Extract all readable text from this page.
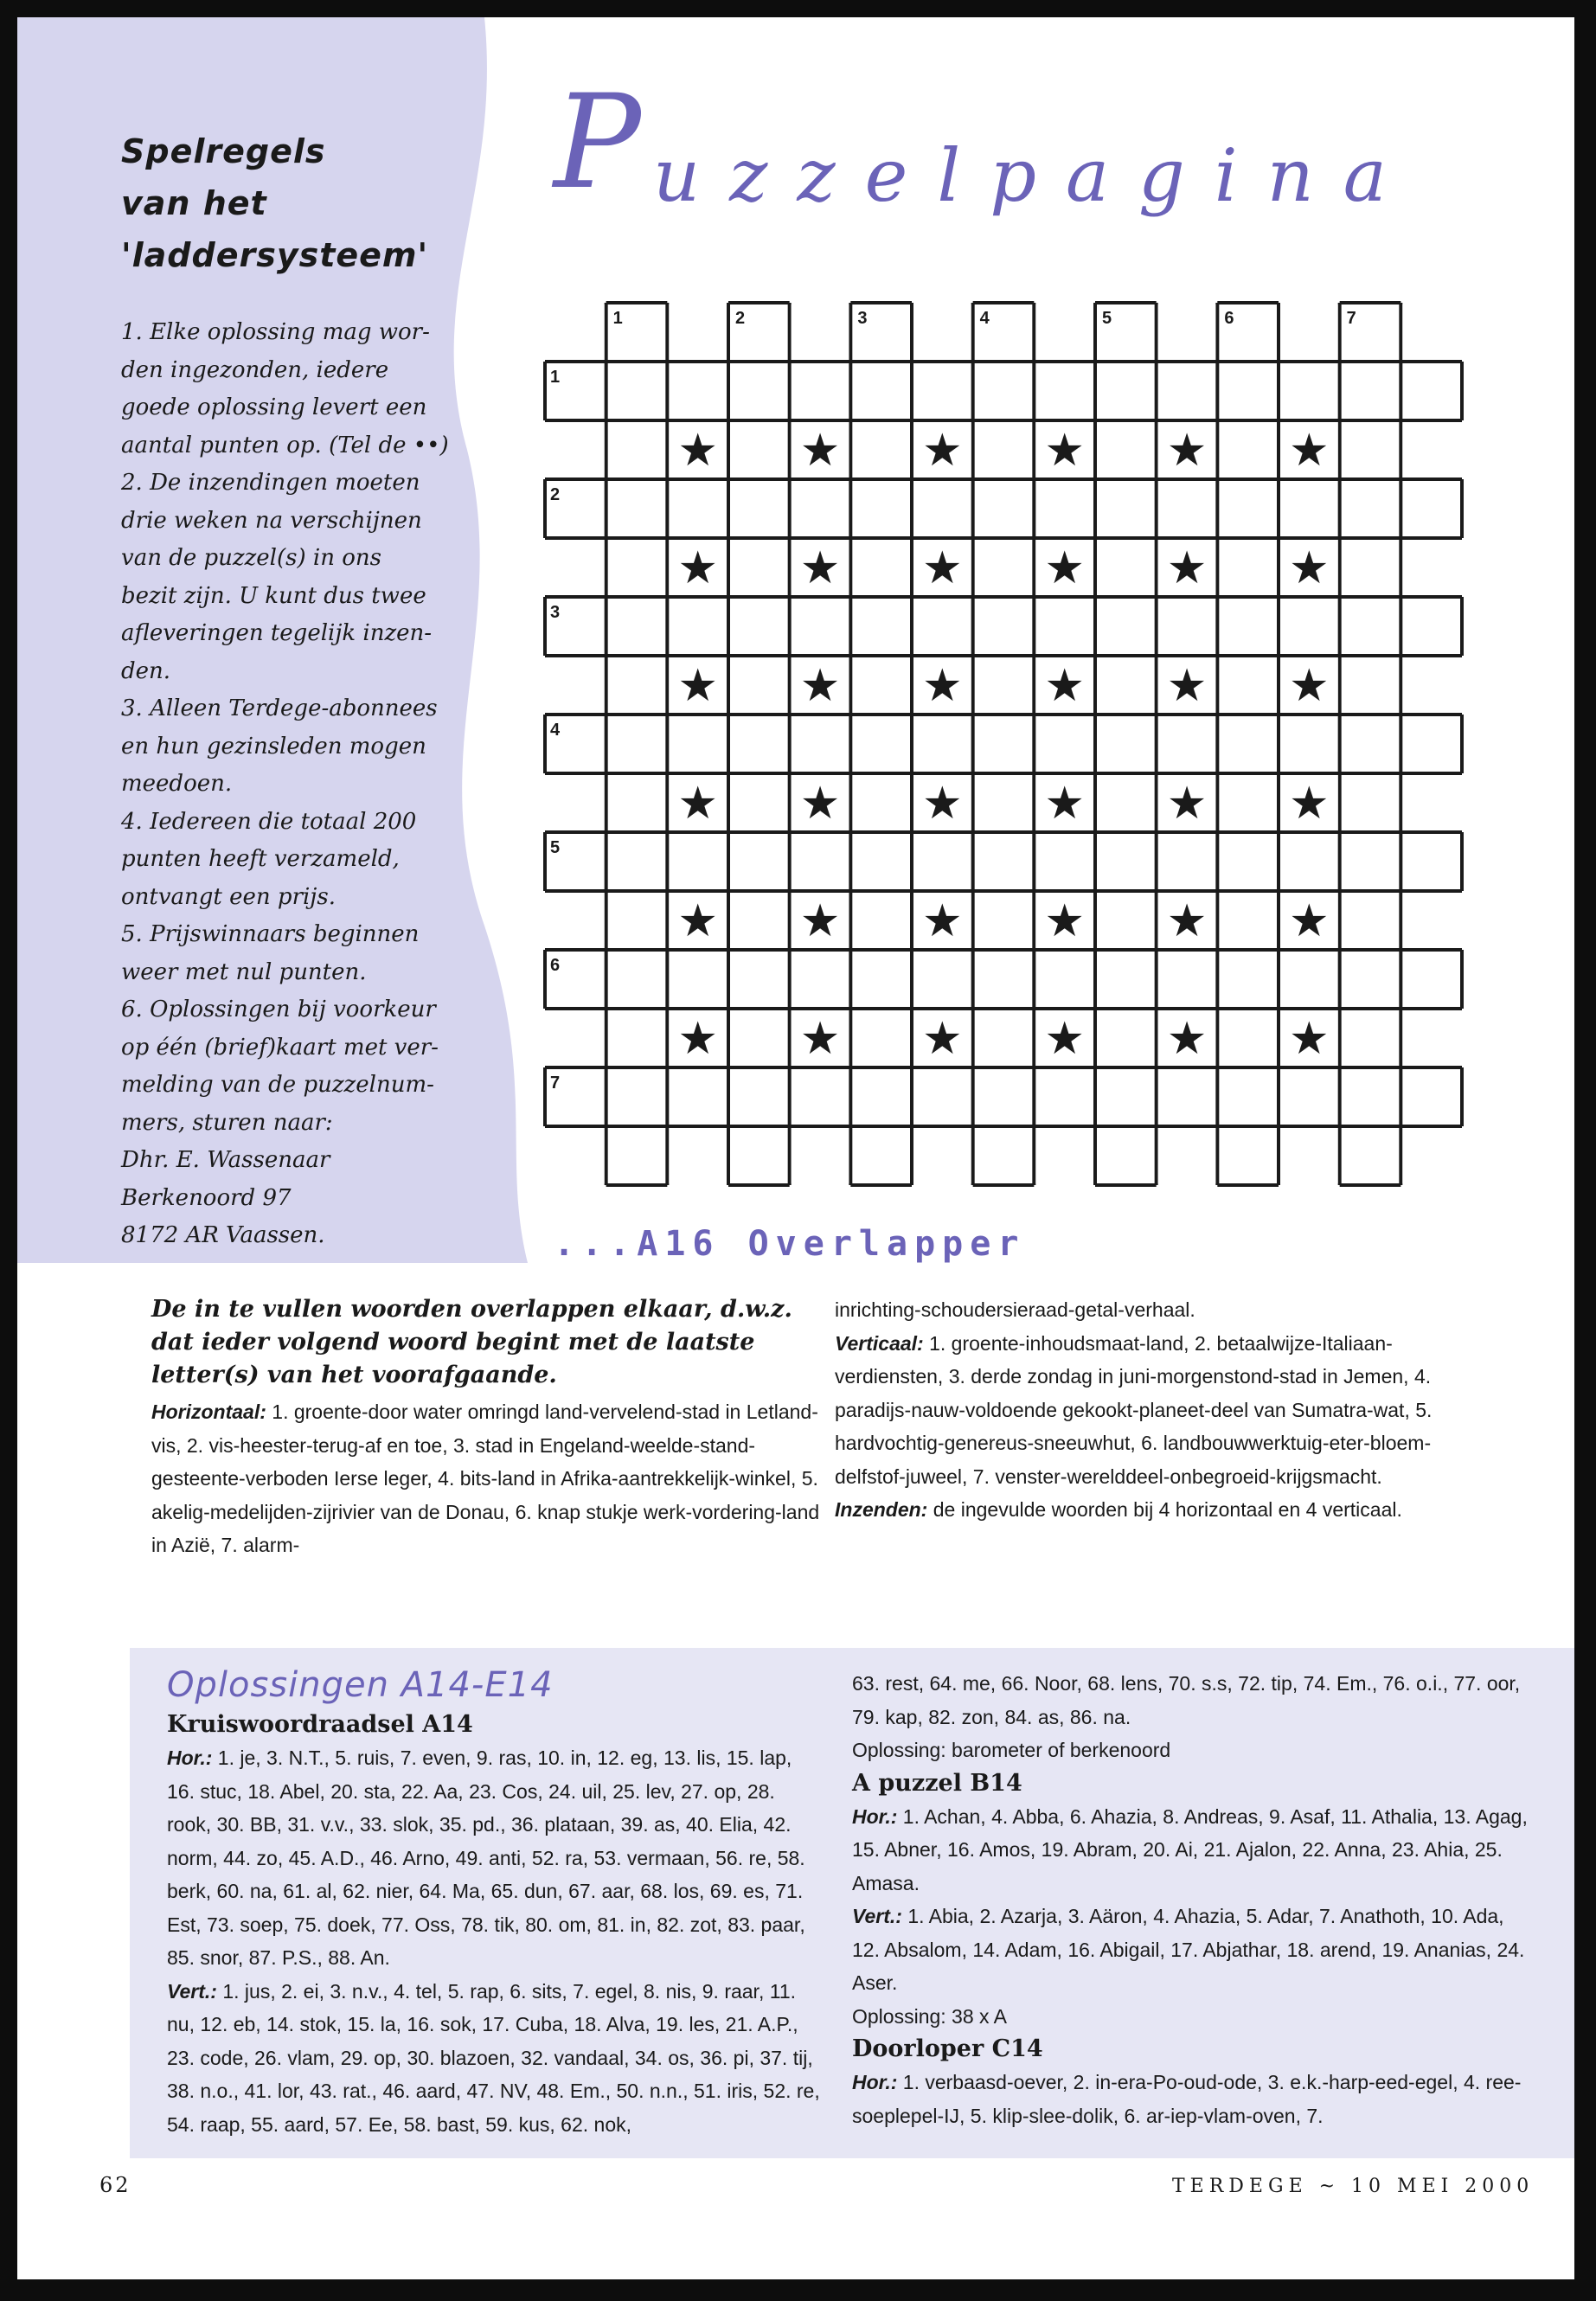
Spelregels
van het
'laddersysteem'
1. Elke oplossing mag wor-
den ingezonden, iedere
goede oplossing levert een
aantal punten op. (Tel de ••)
2. De inzendingen moeten
drie weken na verschijnen
van de puzzel(s) in ons
bezit zijn. U kunt dus twee
afleveringen tegelijk inzen-
den.
3. Alleen Terdege-abonnees
en hun gezinsleden mogen
meedoen.
4. Iedereen die totaal 200
punten heeft verzameld,
ontvangt een prijs.
5. Prijswinnaars beginnen
weer met nul punten.
6. Oplossingen bij voorkeur
op één (brief)kaart met ver-
melding van de puzzelnum-
mers, sturen naar:
Dhr. E. Wassenaar
Berkenoord 97
8172 AR Vaassen.
P uzzelpagina
1	2	3	4	5	6	7
1
2
3
4
5
6
7
★ ★ ★ ★ ★ ★
★ ★ ★ ★ ★ ★
★ ★ ★ ★ ★ ★
★ ★ ★ ★ ★ ★
★ ★ ★ ★ ★ ★
★ ★ ★ ★ ★ ★
...A16 Overlapper
De in te vullen woorden overlappen elkaar, d.w.z. dat ieder volgend woord begint met de laatste letter(s) van het voorafgaande.
Horizontaal: 1. groente-door water omringd land-vervelend-stad in Letland-vis, 2. vis-heester-terug-af en toe, 3. stad in Engeland-weelde-stand-gesteente-verboden Ierse leger, 4. bits-land in Afrika-aantrekkelijk-winkel, 5. akelig-medelijden-zijrivier van de Donau, 6. knap stukje werk-vordering-land in Azië, 7. alarm-
inrichting-schoudersieraad-getal-verhaal.
Verticaal: 1. groente-inhoudsmaat-land, 2. betaalwijze-Italiaan-verdiensten, 3. derde zondag in juni-morgenstond-stad in Jemen, 4. paradijs-nauw-voldoende gekookt-planeet-deel van Sumatra-wat, 5. hardvochtig-genereus-sneeuwhut, 6. landbouwwerktuig-eter-bloem-delfstof-juweel, 7. venster-werelddeel-onbegroeid-krijgsmacht.
Inzenden: de ingevulde woorden bij 4 horizontaal en 4 verticaal.
Oplossingen A14-E14
Kruiswoordraadsel A14
Hor.: 1. je, 3. N.T., 5. ruis, 7. even, 9. ras, 10. in, 12. eg, 13. lis, 15. lap, 16. stuc, 18. Abel, 20. sta, 22. Aa, 23. Cos, 24. uil, 25. lev, 27. op, 28. rook, 30. BB, 31. v.v., 33. slok, 35. pd., 36. plataan, 39. as, 40. Elia, 42. norm, 44. zo, 45. A.D., 46. Arno, 49. anti, 52. ra, 53. vermaan, 56. re, 58. berk, 60. na, 61. al, 62. nier, 64. Ma, 65. dun, 67. aar, 68. los, 69. es, 71. Est, 73. soep, 75. doek, 77. Oss, 78. tik, 80. om, 81. in, 82. zot, 83. paar, 85. snor, 87. P.S., 88. An.
Vert.: 1. jus, 2. ei, 3. n.v., 4. tel, 5. rap, 6. sits, 7. egel, 8. nis, 9. raar, 11. nu, 12. eb, 14. stok, 15. la, 16. sok, 17. Cuba, 18. Alva, 19. les, 21. A.P., 23. code, 26. vlam, 29. op, 30. blazoen, 32. vandaal, 34. os, 36. pi, 37. tij, 38. n.o., 41. lor, 43. rat., 46. aard, 47. NV, 48. Em., 50. n.n., 51. iris, 52. re, 54. raap, 55. aard, 57. Ee, 58. bast, 59. kus, 62. nok,
63. rest, 64. me, 66. Noor, 68. lens, 70. s.s, 72. tip, 74. Em., 76. o.i., 77. oor, 79. kap, 82. zon, 84. as, 86. na.
Oplossing: barometer of berkenoord
A puzzel B14
Hor.: 1. Achan, 4. Abba, 6. Ahazia, 8. Andreas, 9. Asaf, 11. Athalia, 13. Agag, 15. Abner, 16. Amos, 19. Abram, 20. Ai, 21. Ajalon, 22. Anna, 23. Ahia, 25. Amasa.
Vert.: 1. Abia, 2. Azarja, 3. Aäron, 4. Ahazia, 5. Adar, 7. Anathoth, 10. Ada, 12. Absalom, 14. Adam, 16. Abigail, 17. Abjathar, 18. arend, 19. Ananias, 24. Aser.
Oplossing: 38 x A
Doorloper C14
Hor.: 1. verbaasd-oever, 2. in-era-Po-oud-ode, 3. e.k.-harp-eed-egel, 4. ree-soeplepel-IJ, 5. klip-slee-dolik, 6. ar-iep-vlam-oven, 7.
62	TERDEGE ~ 10 MEI 2000
